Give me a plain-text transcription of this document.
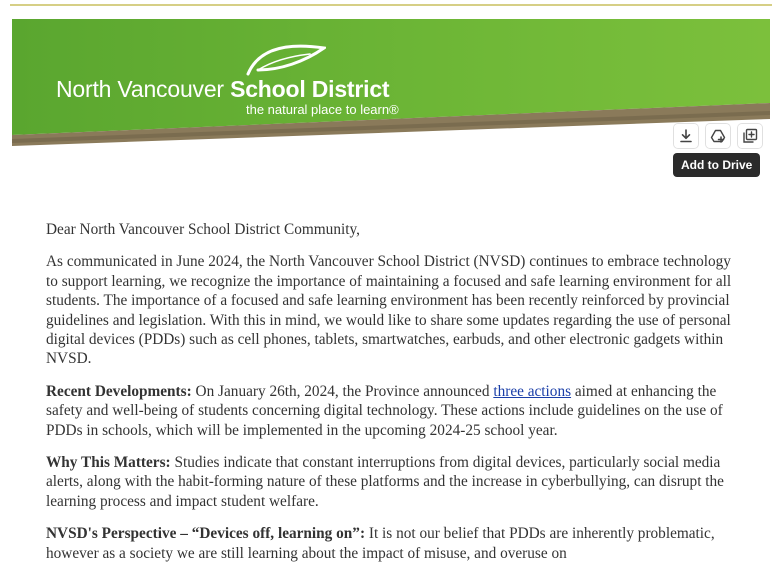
North Vancouver School District
the natural place to learn®
Add to Drive

Dear North Vancouver School District Community,

As communicated in June 2024, the North Vancouver School District (NVSD) continues to embrace technology to support learning, we recognize the importance of maintaining a focused and safe learning environment for all students. The importance of a focused and safe learning environment has been recently reinforced by provincial guidelines and legislation. With this in mind, we would like to share some updates regarding the use of personal digital devices (PDDs) such as cell phones, tablets, smartwatches, earbuds, and other electronic gadgets within NVSD.

Recent Developments: On January 26th, 2024, the Province announced three actions aimed at enhancing the safety and well-being of students concerning digital technology. These actions include guidelines on the use of PDDs in schools, which will be implemented in the upcoming 2024-25 school year.

Why This Matters: Studies indicate that constant interruptions from digital devices, particularly social media alerts, along with the habit-forming nature of these platforms and the increase in cyberbullying, can disrupt the learning process and impact student welfare.

NVSD's Perspective – “Devices off, learning on”: It is not our belief that PDDs are inherently problematic, however as a society we are still learning about the impact of misuse, and overuse on
